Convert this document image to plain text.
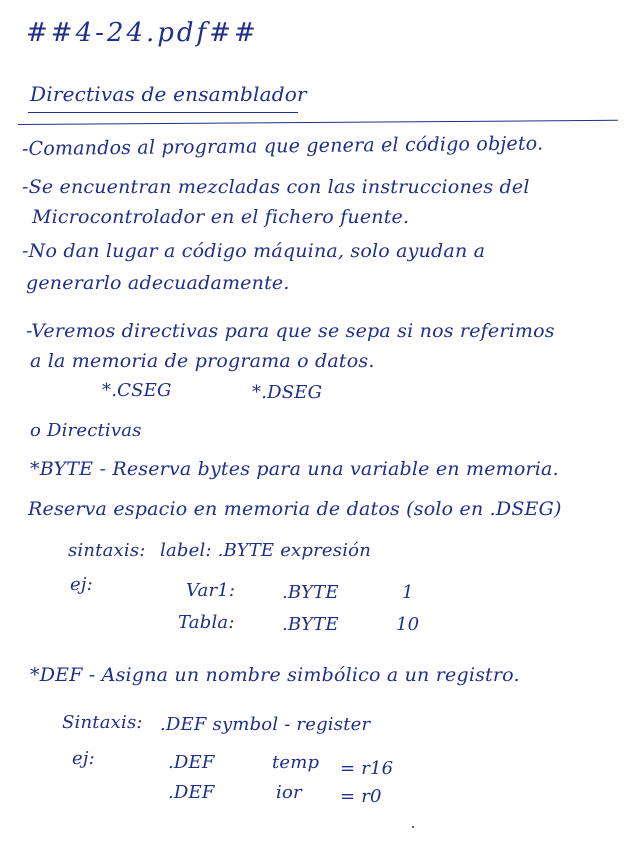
##4-24.pdf##
Directivas de ensamblador
-Comandos al programa que genera el código objeto.
-Se encuentran mezcladas con las instrucciones del
Microcontrolador en el fichero fuente.
-No dan lugar a código máquina, solo ayudan a
generarlo adecuadamente.
-Veremos directivas para que se sepa si nos referimos
a la memoria de programa o datos.
*.CSEG	*.DSEG
o Directivas
*BYTE - Reserva bytes para una variable en memoria.
Reserva espacio en memoria de datos (solo en .DSEG)
sintaxis: label: .BYTE expresión
ej:	Var1:	.BYTE	1
Tabla:	.BYTE	10
*DEF - Asigna un nombre simbólico a un registro.
Sintaxis: .DEF symbol - register
ej:	.DEF	temp = r16
.DEF	ior = r0
